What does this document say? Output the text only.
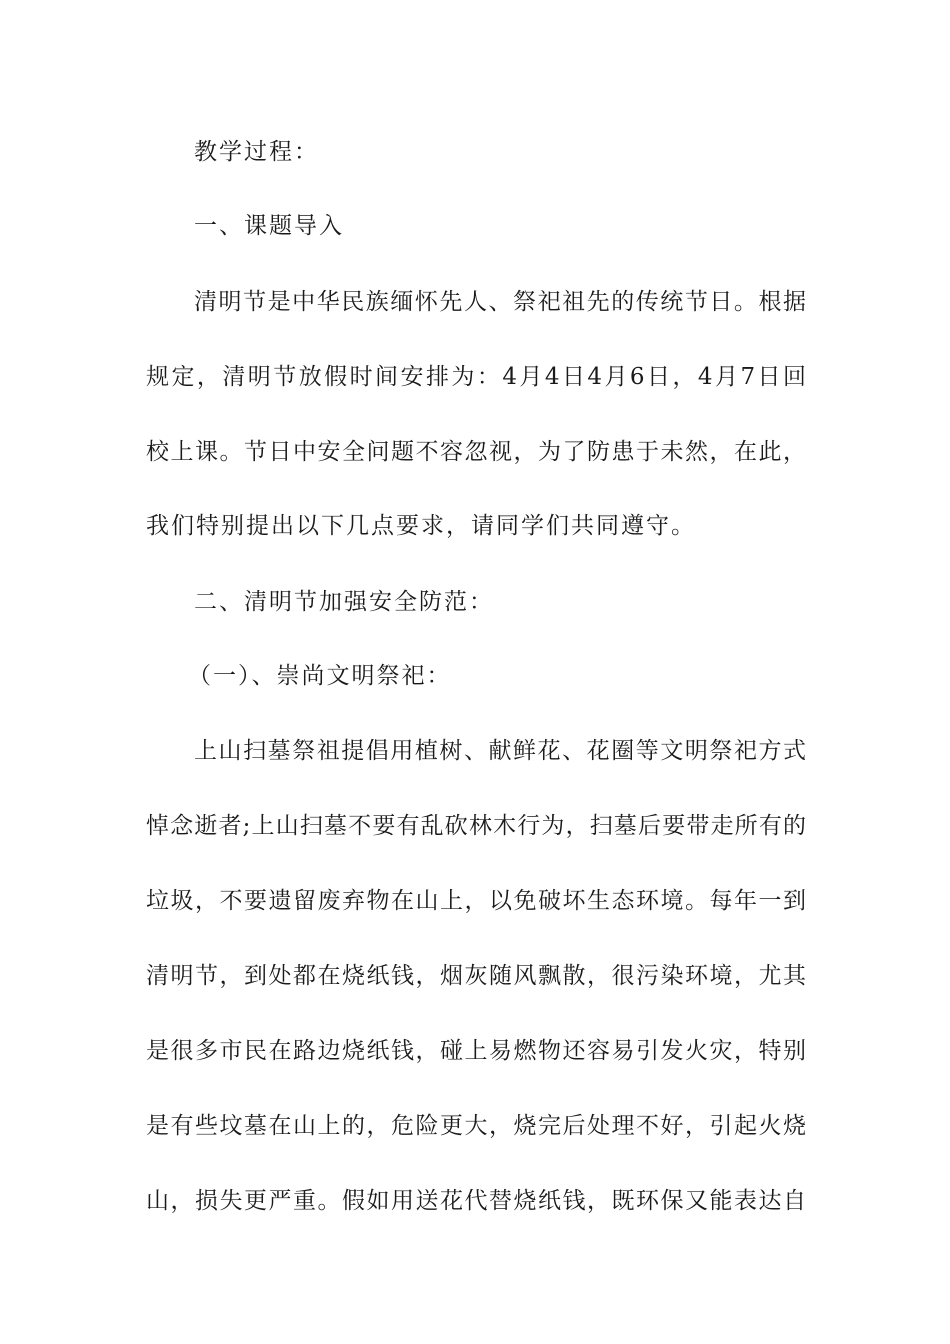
教学过程：
一、课题导入
清明节是中华民族缅怀先人、祭祀祖先的传统节日。根据
规定，清明节放假时间安排为：4月4日4月6日，4月7日回
校上课。节日中安全问题不容忽视，为了防患于未然，在此，
我们特别提出以下几点要求，请同学们共同遵守。
二、清明节加强安全防范：
（一）、崇尚文明祭祀：
上山扫墓祭祖提倡用植树、献鲜花、花圈等文明祭祀方式
悼念逝者;上山扫墓不要有乱砍林木行为，扫墓后要带走所有的
垃圾，不要遗留废弃物在山上，以免破坏生态环境。每年一到
清明节，到处都在烧纸钱，烟灰随风飘散，很污染环境，尤其
是很多市民在路边烧纸钱，碰上易燃物还容易引发火灾，特别
是有些坟墓在山上的，危险更大，烧完后处理不好，引起火烧
山，损失更严重。假如用送花代替烧纸钱，既环保又能表达自
